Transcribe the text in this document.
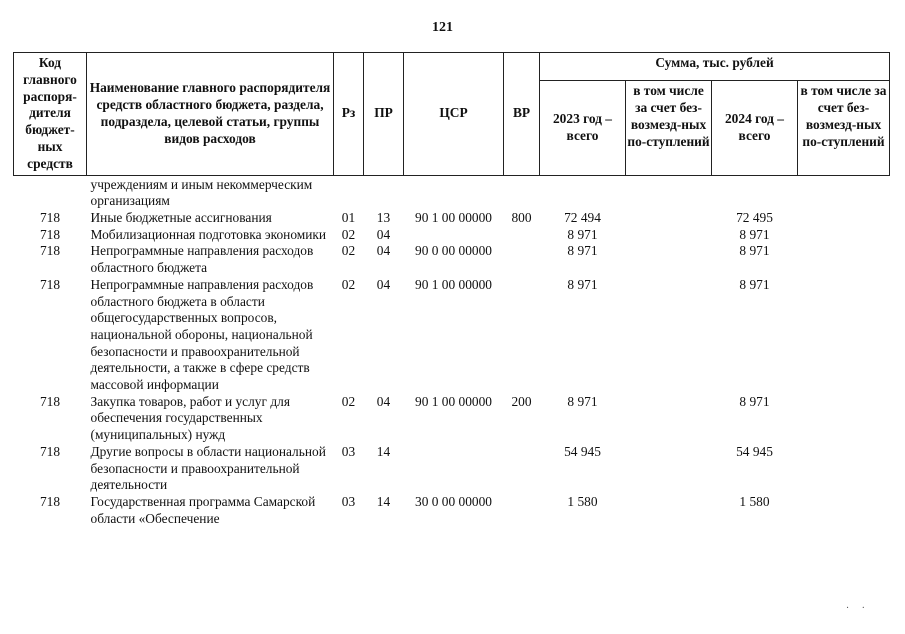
121
Код главного распоря-дителя бюджет-ных средств	Наименование главного распорядителя средств областного бюджета, раздела, подраздела, целевой статьи, группы видов расходов	Рз	ПР	ЦСР	ВР	Сумма, тыс. рублей			
						2023 год – всего	в том числе за счет без-возмезд-ных по-ступлений	2024 год – всего	в том числе за счет без-возмезд-ных по-ступлений
	учреждениям и иным некоммерческим организациям								
718	Иные бюджетные ассигнования	01	13	90 1 00 00000	800	72 494		72 495	
718	Мобилизационная подготовка экономики	02	04			8 971		8 971	
718	Непрограммные направления расходов областного бюджета	02	04	90 0 00 00000		8 971		8 971	
718	Непрограммные направления расходов областного бюджета в области общегосударственных вопросов, национальной обороны, национальной безопасности и правоохранительной деятельности, а также в сфере средств массовой информации	02	04	90 1 00 00000		8 971		8 971	
718	Закупка товаров, работ и услуг для обеспечения государственных (муниципальных) нужд	02	04	90 1 00 00000	200	8 971		8 971	
718	Другие вопросы в области национальной безопасности и правоохранительной деятельности	03	14			54 945		54 945	
718	Государственная программа Самарской области «Обеспечение	03	14	30 0 00 00000		1 580		1 580	
·     ·
